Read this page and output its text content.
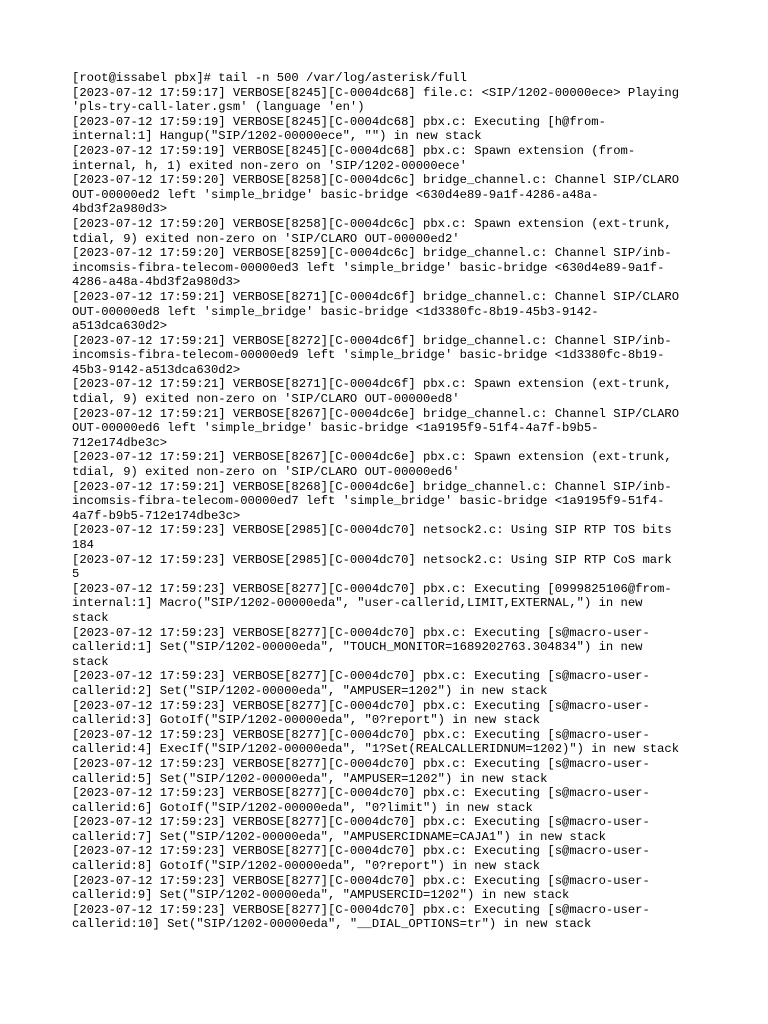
[root@issabel pbx]# tail -n 500 /var/log/asterisk/full
[2023-07-12 17:59:17] VERBOSE[8245][C-0004dc68] file.c: <SIP/1202-00000ece> Playing
'pls-try-call-later.gsm' (language 'en')
[2023-07-12 17:59:19] VERBOSE[8245][C-0004dc68] pbx.c: Executing [h@from-
internal:1] Hangup("SIP/1202-00000ece", "") in new stack
[2023-07-12 17:59:19] VERBOSE[8245][C-0004dc68] pbx.c: Spawn extension (from-
internal, h, 1) exited non-zero on 'SIP/1202-00000ece'
[2023-07-12 17:59:20] VERBOSE[8258][C-0004dc6c] bridge_channel.c: Channel SIP/CLARO
OUT-00000ed2 left 'simple_bridge' basic-bridge <630d4e89-9a1f-4286-a48a-
4bd3f2a980d3>
[2023-07-12 17:59:20] VERBOSE[8258][C-0004dc6c] pbx.c: Spawn extension (ext-trunk,
tdial, 9) exited non-zero on 'SIP/CLARO OUT-00000ed2'
[2023-07-12 17:59:20] VERBOSE[8259][C-0004dc6c] bridge_channel.c: Channel SIP/inb-
incomsis-fibra-telecom-00000ed3 left 'simple_bridge' basic-bridge <630d4e89-9a1f-
4286-a48a-4bd3f2a980d3>
[2023-07-12 17:59:21] VERBOSE[8271][C-0004dc6f] bridge_channel.c: Channel SIP/CLARO
OUT-00000ed8 left 'simple_bridge' basic-bridge <1d3380fc-8b19-45b3-9142-
a513dca630d2>
[2023-07-12 17:59:21] VERBOSE[8272][C-0004dc6f] bridge_channel.c: Channel SIP/inb-
incomsis-fibra-telecom-00000ed9 left 'simple_bridge' basic-bridge <1d3380fc-8b19-
45b3-9142-a513dca630d2>
[2023-07-12 17:59:21] VERBOSE[8271][C-0004dc6f] pbx.c: Spawn extension (ext-trunk,
tdial, 9) exited non-zero on 'SIP/CLARO OUT-00000ed8'
[2023-07-12 17:59:21] VERBOSE[8267][C-0004dc6e] bridge_channel.c: Channel SIP/CLARO
OUT-00000ed6 left 'simple_bridge' basic-bridge <1a9195f9-51f4-4a7f-b9b5-
712e174dbe3c>
[2023-07-12 17:59:21] VERBOSE[8267][C-0004dc6e] pbx.c: Spawn extension (ext-trunk,
tdial, 9) exited non-zero on 'SIP/CLARO OUT-00000ed6'
[2023-07-12 17:59:21] VERBOSE[8268][C-0004dc6e] bridge_channel.c: Channel SIP/inb-
incomsis-fibra-telecom-00000ed7 left 'simple_bridge' basic-bridge <1a9195f9-51f4-
4a7f-b9b5-712e174dbe3c>
[2023-07-12 17:59:23] VERBOSE[2985][C-0004dc70] netsock2.c: Using SIP RTP TOS bits
184
[2023-07-12 17:59:23] VERBOSE[2985][C-0004dc70] netsock2.c: Using SIP RTP CoS mark
5
[2023-07-12 17:59:23] VERBOSE[8277][C-0004dc70] pbx.c: Executing [0999825106@from-
internal:1] Macro("SIP/1202-00000eda", "user-callerid,LIMIT,EXTERNAL,") in new
stack
[2023-07-12 17:59:23] VERBOSE[8277][C-0004dc70] pbx.c: Executing [s@macro-user-
callerid:1] Set("SIP/1202-00000eda", "TOUCH_MONITOR=1689202763.304834") in new
stack
[2023-07-12 17:59:23] VERBOSE[8277][C-0004dc70] pbx.c: Executing [s@macro-user-
callerid:2] Set("SIP/1202-00000eda", "AMPUSER=1202") in new stack
[2023-07-12 17:59:23] VERBOSE[8277][C-0004dc70] pbx.c: Executing [s@macro-user-
callerid:3] GotoIf("SIP/1202-00000eda", "0?report") in new stack
[2023-07-12 17:59:23] VERBOSE[8277][C-0004dc70] pbx.c: Executing [s@macro-user-
callerid:4] ExecIf("SIP/1202-00000eda", "1?Set(REALCALLERIDNUM=1202)") in new stack
[2023-07-12 17:59:23] VERBOSE[8277][C-0004dc70] pbx.c: Executing [s@macro-user-
callerid:5] Set("SIP/1202-00000eda", "AMPUSER=1202") in new stack
[2023-07-12 17:59:23] VERBOSE[8277][C-0004dc70] pbx.c: Executing [s@macro-user-
callerid:6] GotoIf("SIP/1202-00000eda", "0?limit") in new stack
[2023-07-12 17:59:23] VERBOSE[8277][C-0004dc70] pbx.c: Executing [s@macro-user-
callerid:7] Set("SIP/1202-00000eda", "AMPUSERCIDNAME=CAJA1") in new stack
[2023-07-12 17:59:23] VERBOSE[8277][C-0004dc70] pbx.c: Executing [s@macro-user-
callerid:8] GotoIf("SIP/1202-00000eda", "0?report") in new stack
[2023-07-12 17:59:23] VERBOSE[8277][C-0004dc70] pbx.c: Executing [s@macro-user-
callerid:9] Set("SIP/1202-00000eda", "AMPUSERCID=1202") in new stack
[2023-07-12 17:59:23] VERBOSE[8277][C-0004dc70] pbx.c: Executing [s@macro-user-
callerid:10] Set("SIP/1202-00000eda", "__DIAL_OPTIONS=tr") in new stack
